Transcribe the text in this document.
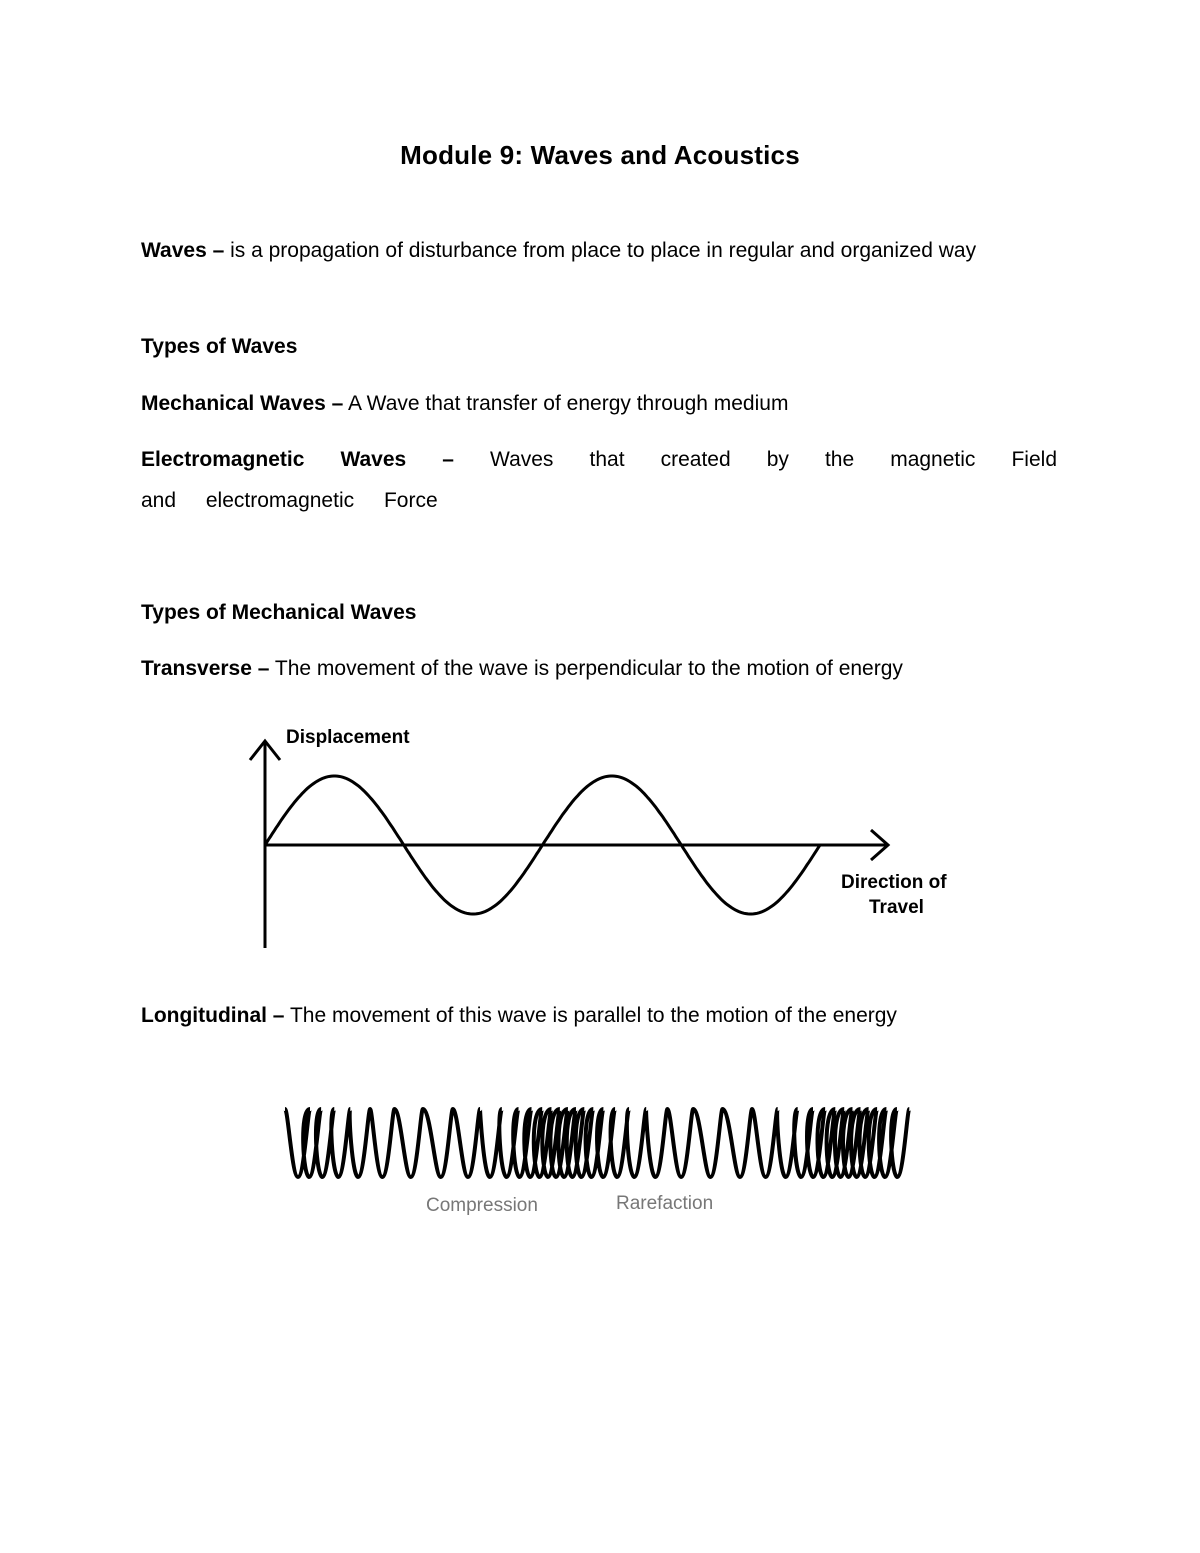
Module 9: Waves and Acoustics
Waves – is a propagation of disturbance from place to place in regular and organized way
Types of Waves
Mechanical Waves – A Wave that transfer of energy through medium
Electromagnetic Waves – Waves that created by the magnetic Field and electromagnetic Force
Types of Mechanical Waves
Transverse – The movement of the wave is perpendicular to the motion of energy
Displacement
Direction of
Travel
Longitudinal – The movement of this wave is parallel to the motion of the energy
Compression	Rarefaction
